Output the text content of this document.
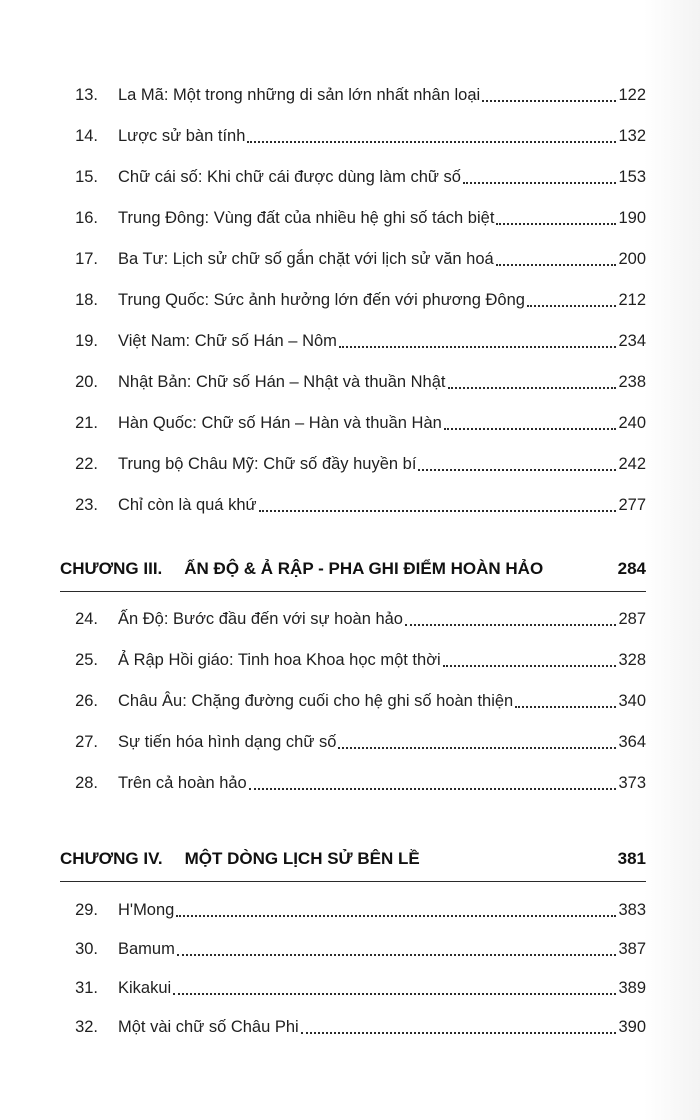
13.	La Mã: Một trong những di sản lớn nhất nhân loại	122
14.	Lược sử bàn tính	132
15.	Chữ cái số: Khi chữ cái được dùng làm chữ số	153
16.	Trung Đông: Vùng đất của nhiều hệ ghi số tách biệt	190
17.	Ba Tư: Lịch sử chữ số gắn chặt với lịch sử văn hoá	200
18.	Trung Quốc: Sức ảnh hưởng lớn đến với phương Đông	212
19.	Việt Nam: Chữ số Hán – Nôm	234
20.	Nhật Bản: Chữ số Hán – Nhật và thuần Nhật	238
21.	Hàn Quốc: Chữ số Hán – Hàn và thuần Hàn	240
22.	Trung bộ Châu Mỹ: Chữ số đầy huyền bí	242
23.	Chỉ còn là quá khứ	277
CHƯƠNG III. ẤN ĐỘ & Ả RẬP - PHA GHI ĐIỂM HOÀN HẢO	284
24.	Ấn Độ: Bước đầu đến với sự hoàn hảo	287
25.	Ả Rập Hồi giáo: Tinh hoa Khoa học một thời	328
26.	Châu Âu: Chặng đường cuối cho hệ ghi số hoàn thiện	340
27.	Sự tiến hóa hình dạng chữ số	364
28.	Trên cả hoàn hảo	373
CHƯƠNG IV. MỘT DÒNG LỊCH SỬ BÊN LỀ	381
29.	H'Mong	383
30.	Bamum	387
31.	Kikakui	389
32.	Một vài chữ số Châu Phi	390
